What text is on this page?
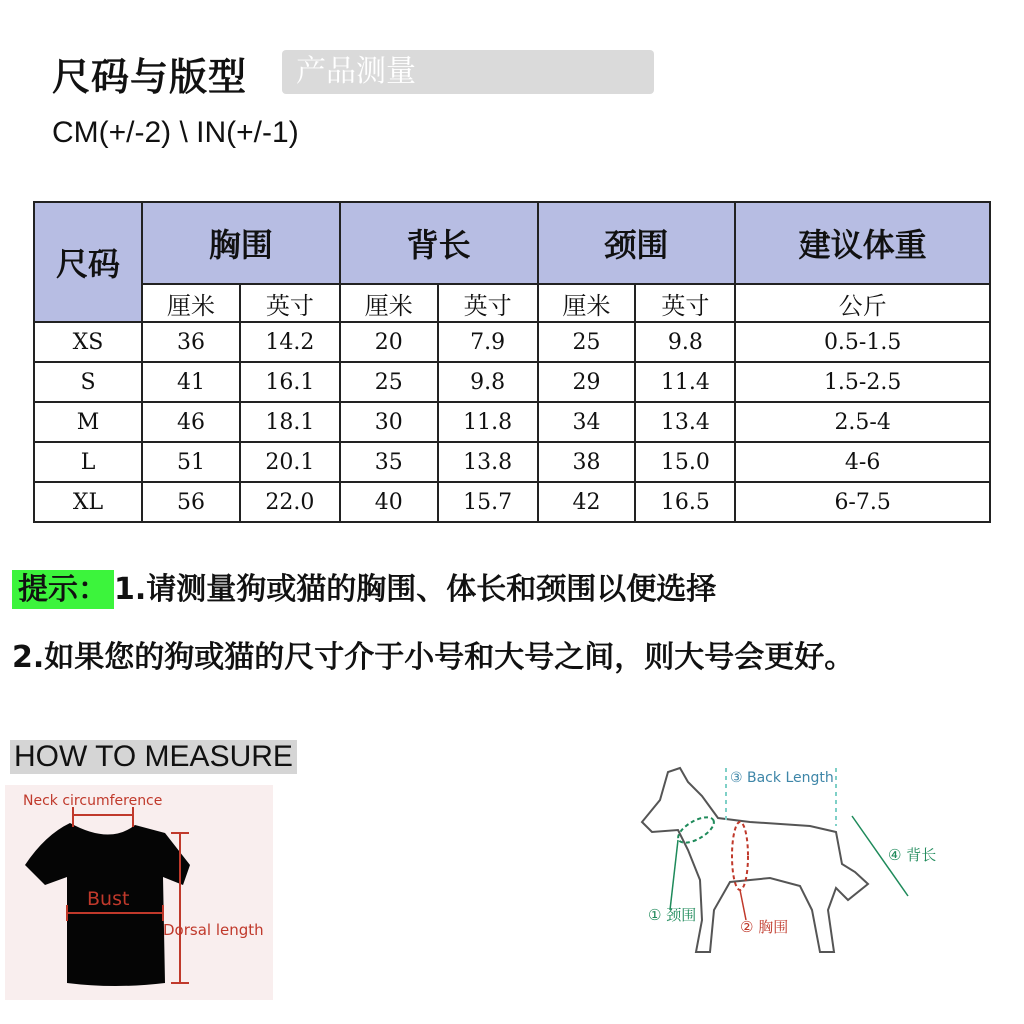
尺码与版型	产品测量
CM(+/-2) \ IN(+/-1)
尺码	胸围		背长		颈围		建议体重
	厘米	英寸	厘米	英寸	厘米	英寸	公斤
XS	36	14.2	20	7.9	25	9.8	0.5-1.5
S	41	16.1	25	9.8	29	11.4	1.5-2.5
M	46	18.1	30	11.8	34	13.4	2.5-4
L	51	20.1	35	13.8	38	15.0	4-6
XL	56	22.0	40	15.7	42	16.5	6-7.5
提示： 1.请测量狗或猫的胸围、体长和颈围以便选择
2.如果您的狗或猫的尺寸介于小号和大号之间，则大号会更好。
HOW TO MEASURE
Neck circumference
Bust
Dorsal length
③ Back Length
④ 背长
① 颈围
② 胸围
